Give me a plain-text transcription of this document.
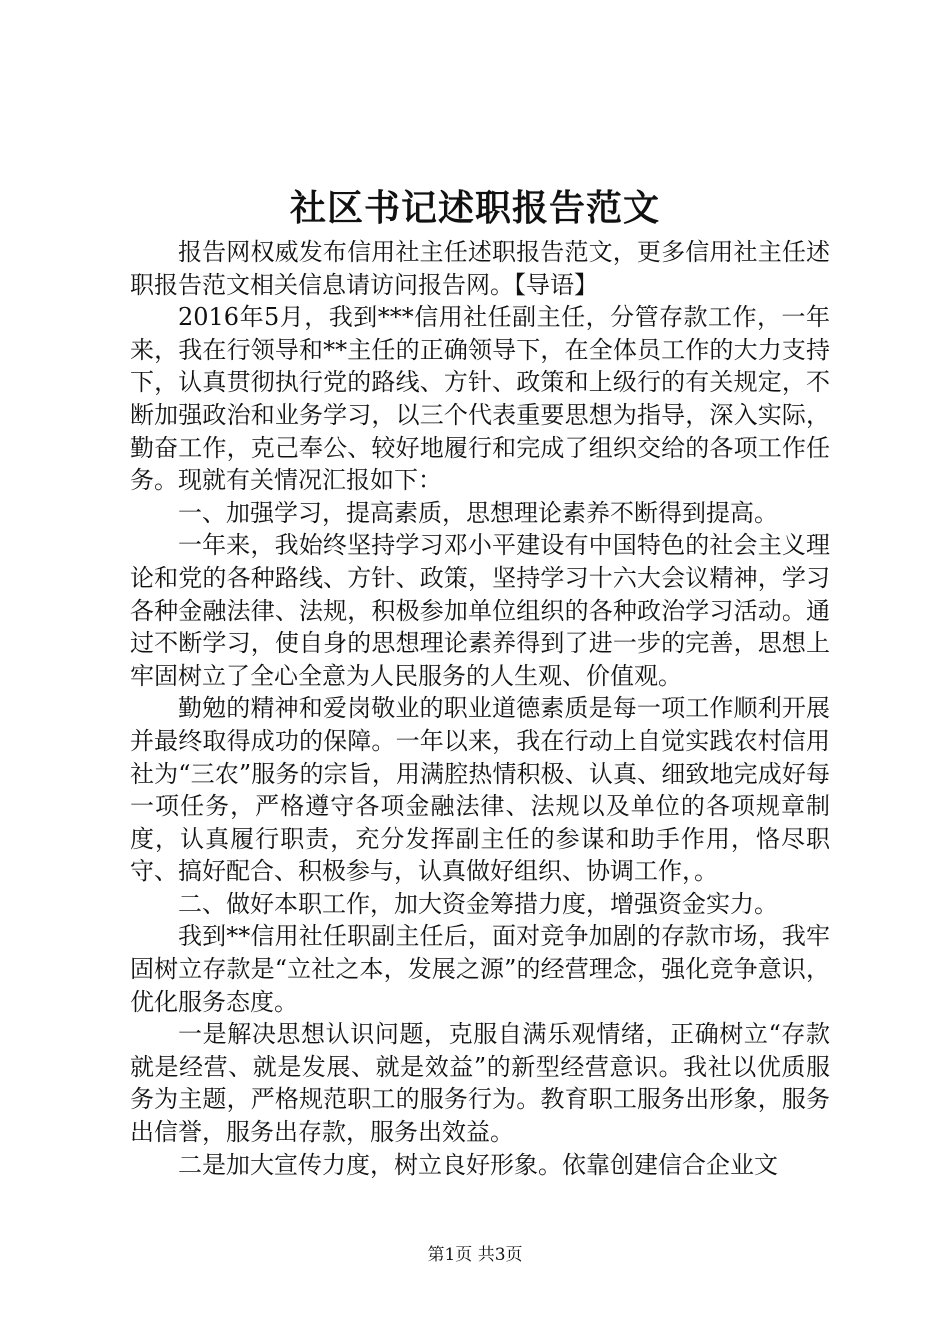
社区书记述职报告范文

报告网权威发布信用社主任述职报告范文，更多信用社主任述职报告范文相关信息请访问报告网。【导语】

2016年5月，我到***信用社任副主任，分管存款工作，一年来，我在行领导和**主任的正确领导下，在全体员工作的大力支持下，认真贯彻执行党的路线、方针、政策和上级行的有关规定，不断加强政治和业务学习，以三个代表重要思想为指导，深入实际，勤奋工作，克己奉公、较好地履行和完成了组织交给的各项工作任务。现就有关情况汇报如下：

一、加强学习，提高素质，思想理论素养不断得到提高。

一年来，我始终坚持学习邓小平建设有中国特色的社会主义理论和党的各种路线、方针、政策，坚持学习十六大会议精神，学习各种金融法律、法规，积极参加单位组织的各种政治学习活动。通过不断学习，使自身的思想理论素养得到了进一步的完善，思想上牢固树立了全心全意为人民服务的人生观、价值观。

勤勉的精神和爱岗敬业的职业道德素质是每一项工作顺利开展并最终取得成功的保障。一年以来，我在行动上自觉实践农村信用社为“三农”服务的宗旨，用满腔热情积极、认真、细致地完成好每一项任务，严格遵守各项金融法律、法规以及单位的各项规章制度，认真履行职责，充分发挥副主任的参谋和助手作用，恪尽职守、搞好配合、积极参与，认真做好组织、协调工作，。

二、做好本职工作，加大资金筹措力度，增强资金实力。

我到**信用社任职副主任后，面对竞争加剧的存款市场，我牢固树立存款是“立社之本，发展之源”的经营理念，强化竞争意识，优化服务态度。

一是解决思想认识问题，克服自满乐观情绪，正确树立“存款就是经营、就是发展、就是效益”的新型经营意识。我社以优质服务为主题，严格规范职工的服务行为。教育职工服务出形象，服务出信誉，服务出存款，服务出效益。

二是加大宣传力度，树立良好形象。依靠创建信合企业文

第1页 共3页
